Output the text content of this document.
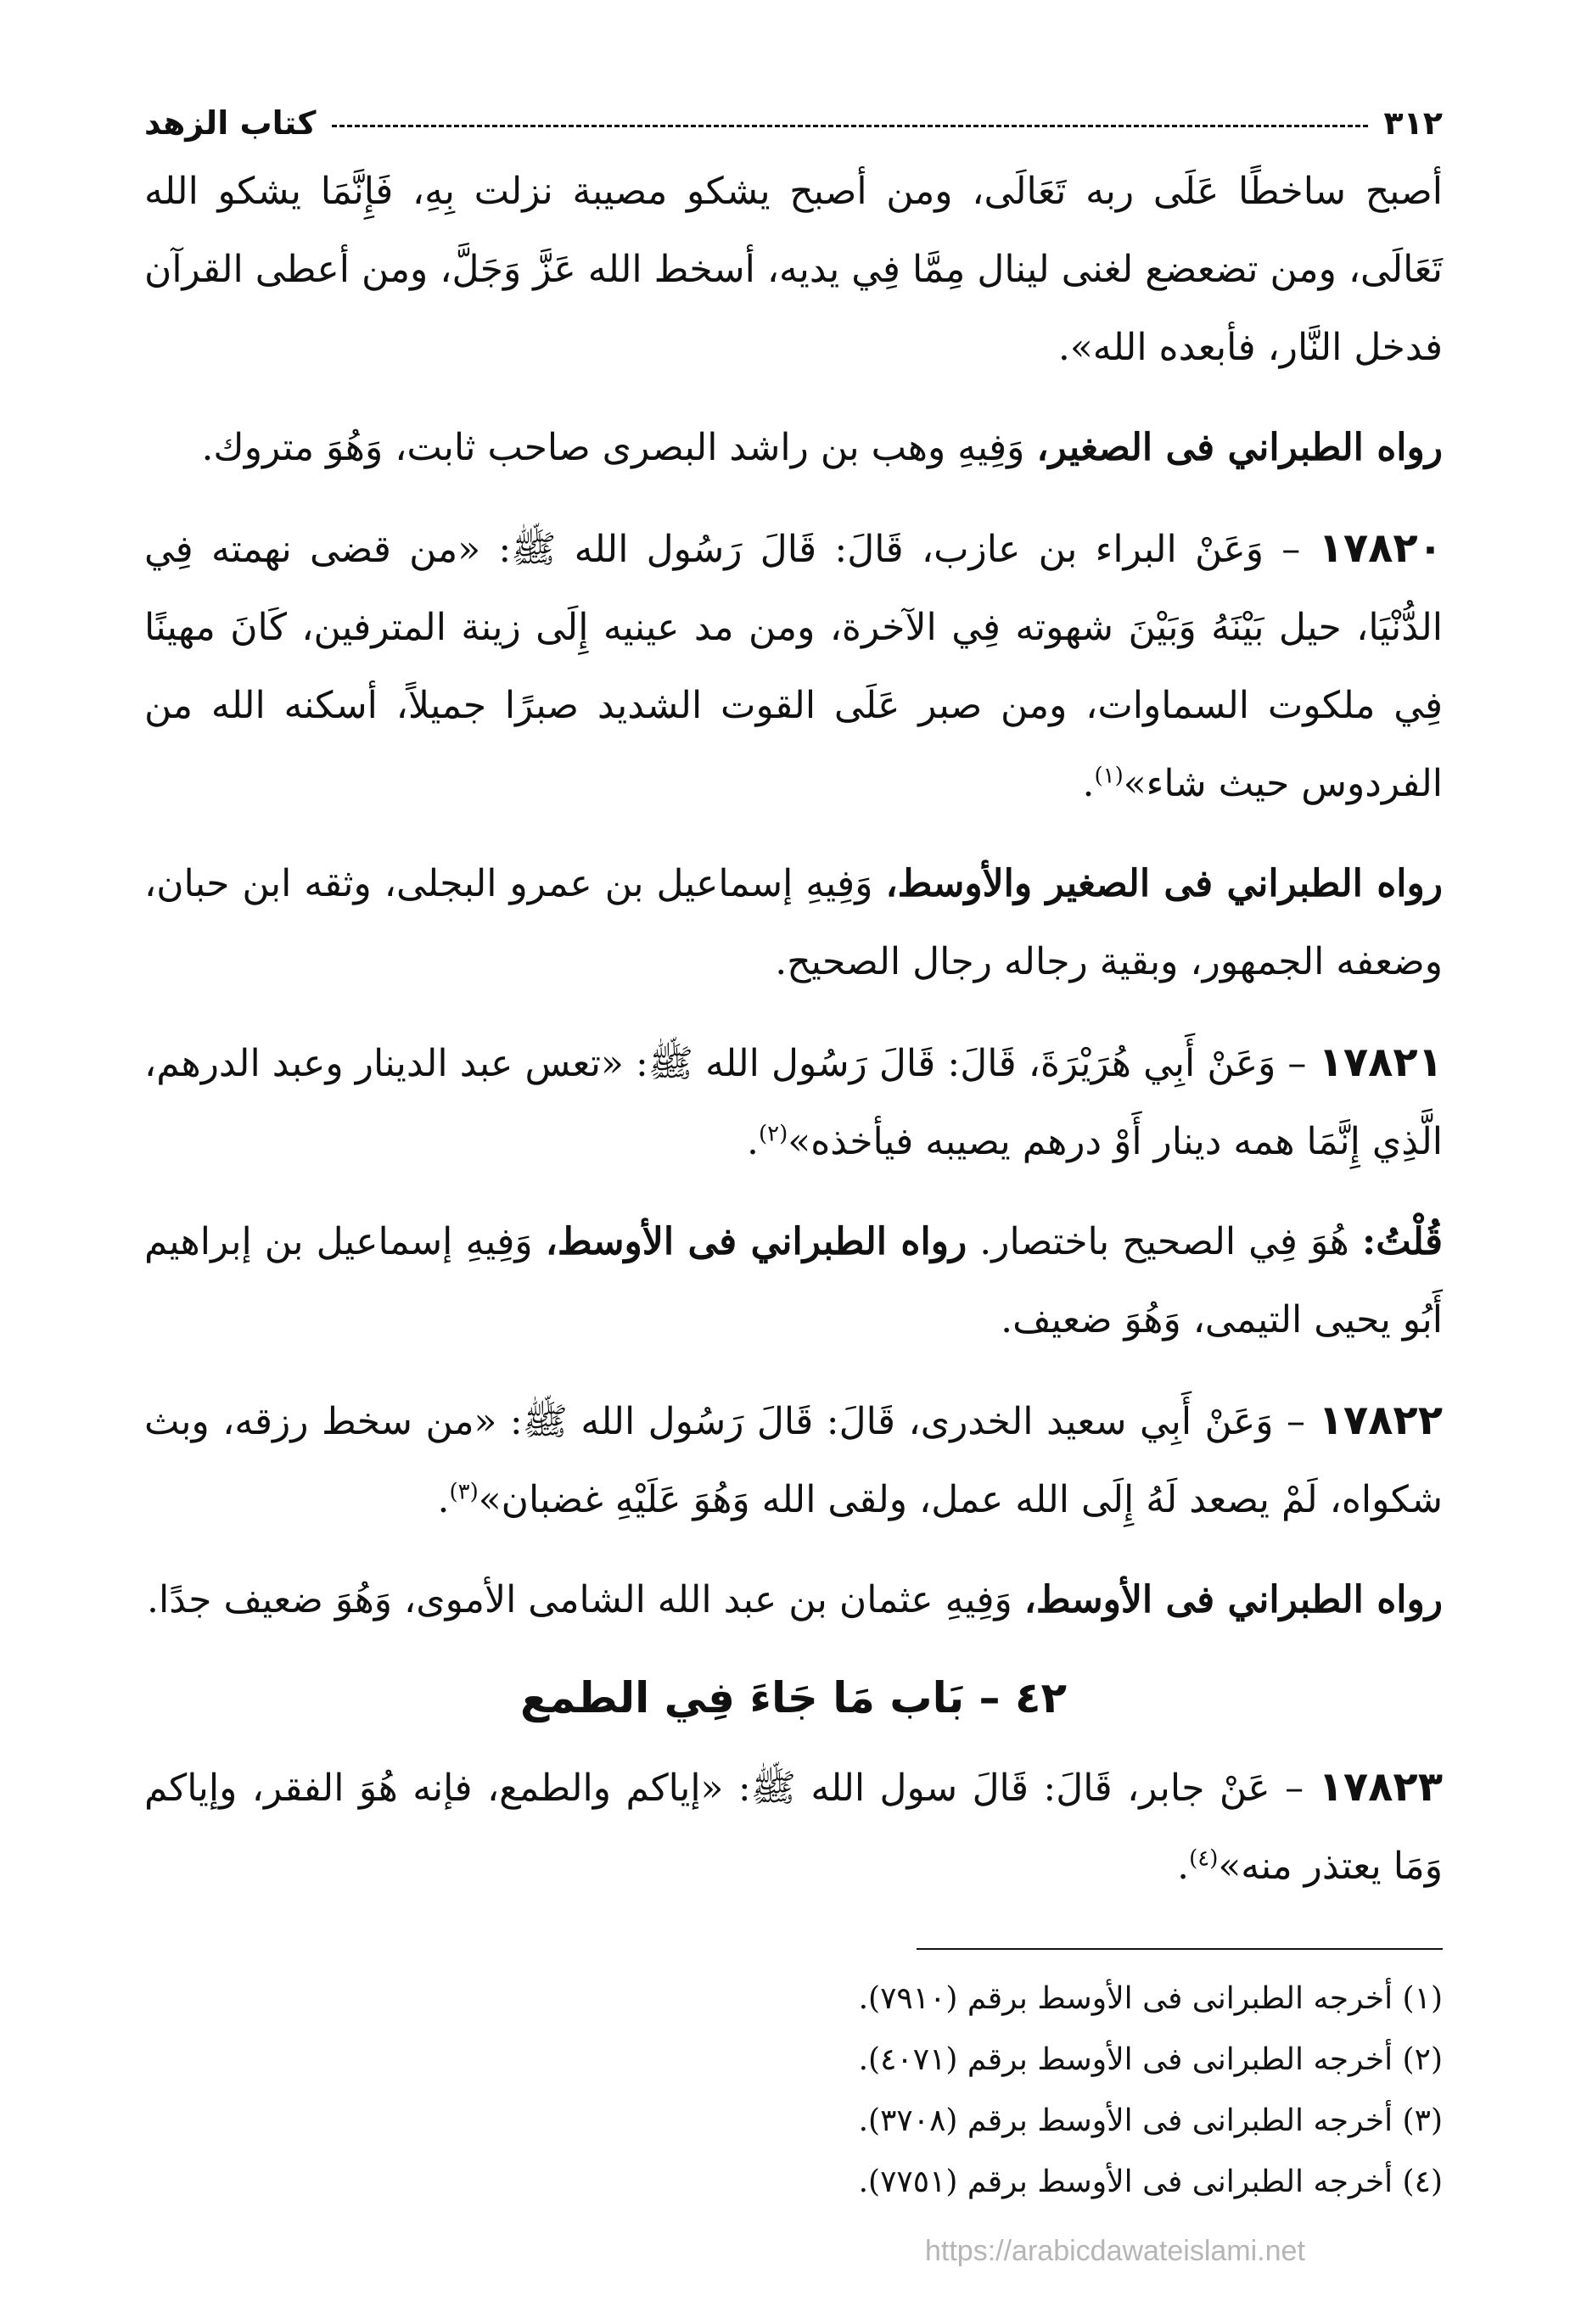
٣١٢
كتاب الزهد

أصبح ساخطًا عَلَى ربه تَعَالَى، ومن أصبح يشكو مصيبة نزلت بِهِ، فَإِنَّمَا يشكو الله تَعَالَى، ومن تضعضع لغنى لينال مِمَّا فِي يديه، أسخط الله عَزَّ وَجَلَّ، ومن أعطى القرآن فدخل النَّار، فأبعده الله».

رواه الطبراني فى الصغير، وَفِيهِ وهب بن راشد البصرى صاحب ثابت، وَهُوَ متروك.

١٧٨٢٠ – وَعَنْ البراء بن عازب، قَالَ: قَالَ رَسُول الله ﷺ: «من قضى نهمته فِي الدُّنْيَا، حيل بَيْنَهُ وَبَيْنَ شهوته فِي الآخرة، ومن مد عينيه إِلَى زينة المترفين، كَانَ مهينًا فِي ملكوت السماوات، ومن صبر عَلَى القوت الشديد صبرًا جميلاً، أسكنه الله من الفردوس حيث شاء»$^{(١)}$.

رواه الطبراني فى الصغير والأوسط، وَفِيهِ إسماعيل بن عمرو البجلى، وثقه ابن حبان، وضعفه الجمهور، وبقية رجاله رجال الصحيح.

١٧٨٢١ – وَعَنْ أَبِي هُرَيْرَةَ، قَالَ: قَالَ رَسُول الله ﷺ: «تعس عبد الدينار وعبد الدرهم، الَّذِي إِنَّمَا همه دينار أَوْ درهم يصيبه فيأخذه»$^{(٢)}$.

قُلْتُ: هُوَ فِي الصحيح باختصار. رواه الطبراني فى الأوسط، وَفِيهِ إسماعيل بن إبراهيم أَبُو يحيى التيمى، وَهُوَ ضعيف.

١٧٨٢٢ – وَعَنْ أَبِي سعيد الخدرى، قَالَ: قَالَ رَسُول الله ﷺ: «من سخط رزقه، وبث شكواه، لَمْ يصعد لَهُ إِلَى الله عمل، ولقى الله وَهُوَ عَلَيْهِ غضبان»$^{(٣)}$.

رواه الطبراني فى الأوسط، وَفِيهِ عثمان بن عبد الله الشامى الأموى، وَهُوَ ضعيف جدًا.

٤٢ – بَاب مَا جَاءَ فِي الطمع

١٧٨٢٣ – عَنْ جابر، قَالَ: قَالَ سول الله ﷺ: «إياكم والطمع، فإنه هُوَ الفقر، وإياكم وَمَا يعتذر منه»$^{(٤)}$.

(١) أخرجه الطبرانى فى الأوسط برقم (٧٩١٠).

(٢) أخرجه الطبرانى فى الأوسط برقم (٤٠٧١).

(٣) أخرجه الطبرانى فى الأوسط برقم (٣٧٠٨).

(٤) أخرجه الطبرانى فى الأوسط برقم (٧٧٥١).

https://arabicdawateislami.net
